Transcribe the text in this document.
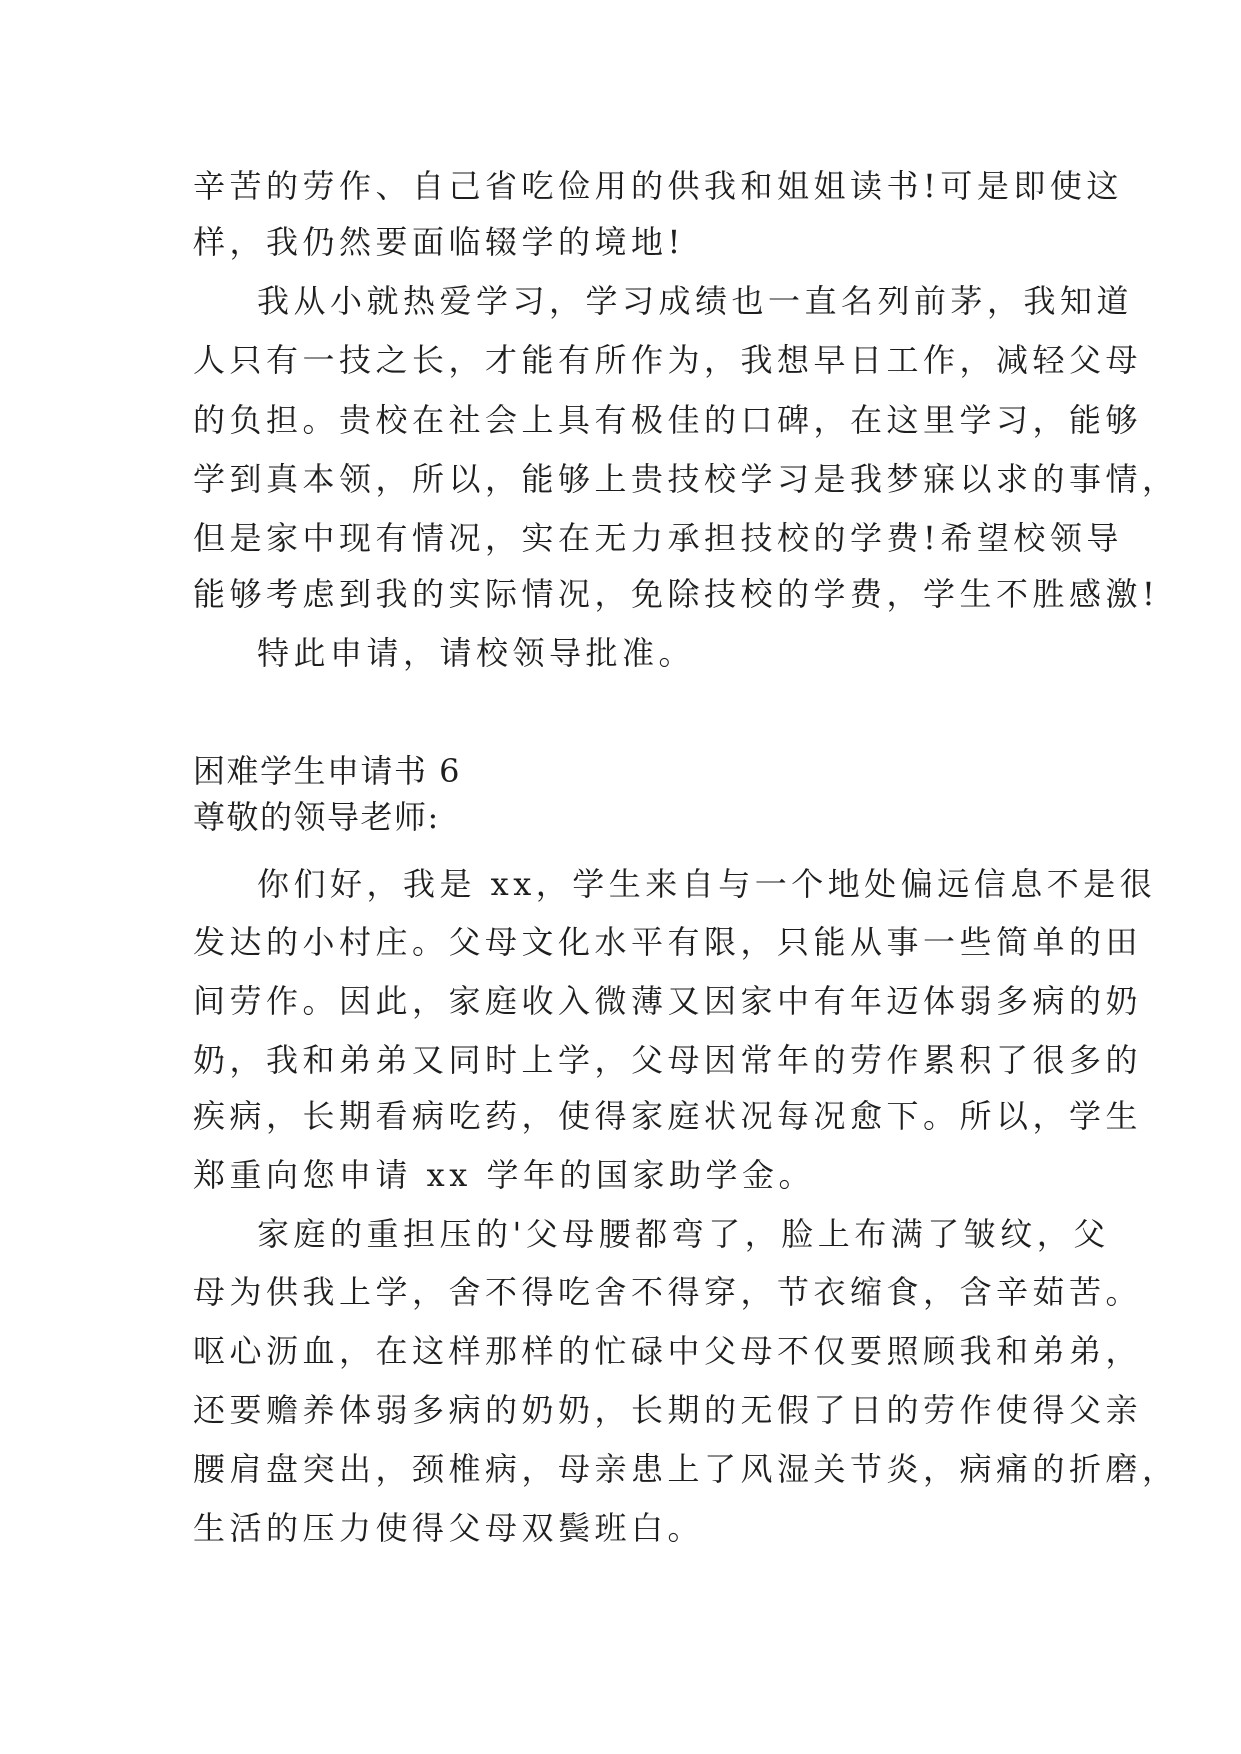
辛苦的劳作、自己省吃俭用的供我和姐姐读书!可是即使这
样，我仍然要面临辍学的境地!
我从小就热爱学习，学习成绩也一直名列前茅，我知道
人只有一技之长，才能有所作为，我想早日工作，减轻父母
的负担。贵校在社会上具有极佳的口碑，在这里学习，能够
学到真本领，所以，能够上贵技校学习是我梦寐以求的事情，
但是家中现有情况，实在无力承担技校的学费!希望校领导
能够考虑到我的实际情况，免除技校的学费，学生不胜感激!
特此申请，请校领导批准。
困难学生申请书 6
尊敬的领导老师:
你们好，我是 xx，学生来自与一个地处偏远信息不是很
发达的小村庄。父母文化水平有限，只能从事一些简单的田
间劳作。因此，家庭收入微薄又因家中有年迈体弱多病的奶
奶，我和弟弟又同时上学，父母因常年的劳作累积了很多的
疾病，长期看病吃药，使得家庭状况每况愈下。所以，学生
郑重向您申请 xx 学年的国家助学金。
家庭的重担压的'父母腰都弯了，脸上布满了皱纹，父
母为供我上学，舍不得吃舍不得穿，节衣缩食，含辛茹苦。
呕心沥血，在这样那样的忙碌中父母不仅要照顾我和弟弟，
还要赡养体弱多病的奶奶，长期的无假了日的劳作使得父亲
腰肩盘突出，颈椎病，母亲患上了风湿关节炎，病痛的折磨，
生活的压力使得父母双鬓班白。
